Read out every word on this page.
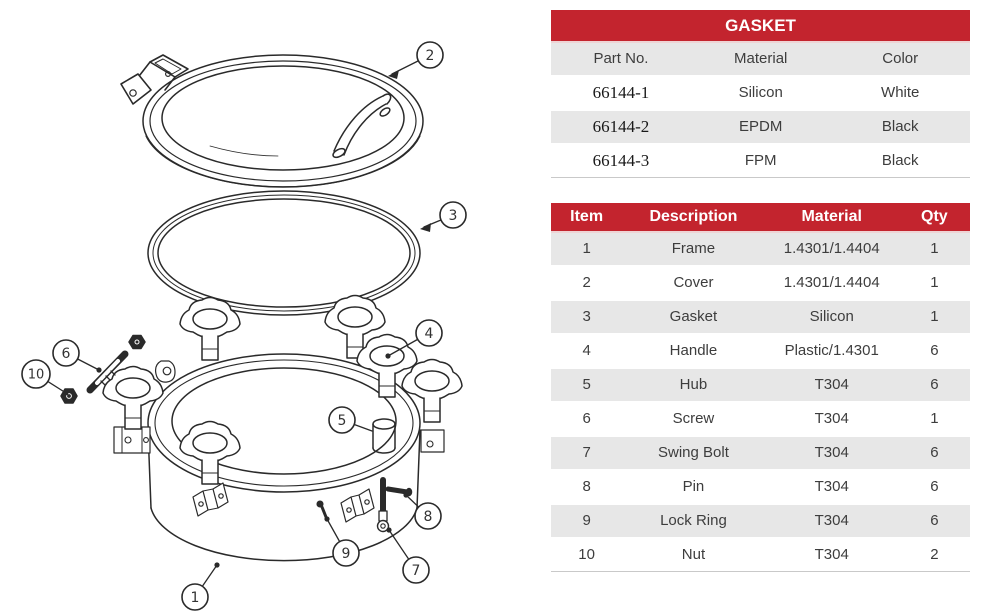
1
2
3
4
5
6
7
8
9
10
GASKET
Part No.	Material	Color
66144-1	Silicon	White
66144-2	EPDM	Black
66144-3	FPM	Black
Item	Description	Material	Qty
1	Frame	1.4301/1.4404	1
2	Cover	1.4301/1.4404	1
3	Gasket	Silicon	1
4	Handle	Plastic/1.4301	6
5	Hub	T304	6
6	Screw	T304	1
7	Swing Bolt	T304	6
8	Pin	T304	6
9	Lock Ring	T304	6
10	Nut	T304	2
